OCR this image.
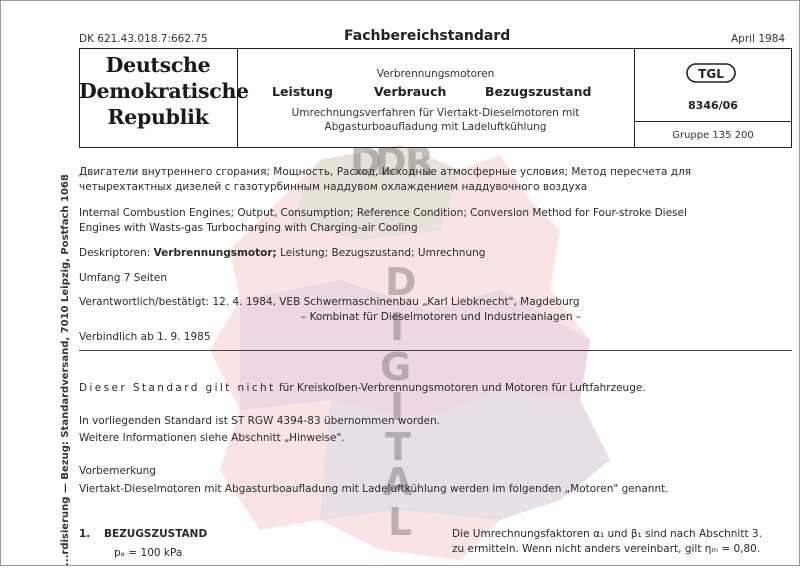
D
D
R
D
I
G
I
T
A
L
...rdisierung — Bezug: Standardversand, 7010 Leipzig, Postfach 1068
DK 621.43.018.7:662.75	Fachbereichstandard	April 1984
Deutsche
Demokratische
Republik
Verbrennungsmotoren
Leistung	Verbrauch	Bezugszustand
Umrechnungsverfahren für Viertakt-Dieselmotoren mit
Abgasturboaufladung mit Ladeluftkühlung
TGL
8346/06
Gruppe 135 200
Двигатели внутреннего сгорания; Мощность, Расход, Исходные атмосферные условия; Метод пересчета для
четырехтактных дизелей с газотурбинным наддувом охлаждением наддувочного воздуха
Internal Combustion Engines; Output, Consumption; Reference Condition; Conversion Method for Four-stroke Diesel
Engines with Wasts-gas Turbocharging with Charging-air Cooling
Deskriptoren: Verbrennungsmotor; Leistung; Bezugszustand; Umrechnung
Umfang 7 Seiten
Verantwortlich/bestätigt: 12. 4. 1984, VEB Schwermaschinenbau „Karl Liebknecht", Magdeburg
– Kombinat für Dieselmotoren und Industrieanlagen –
Verbindlich ab 1. 9. 1985
Dieser Standard gilt nicht für Kreiskolben-Verbrennungsmotoren und Motoren für Luftfahrzeuge.
In vorliegenden Standard ist ST RGW 4394-83 übernommen worden.
Weitere Informationen siehe Abschnitt „Hinweise".
Vorbemerkung
Viertakt-Dieselmotoren mit Abgasturboaufladung mit Ladeluftkühlung werden im folgenden „Motoren" genannt.
1. BEZUGSZUSTAND
pₑ = 100 kPa
Die Umrechnungsfaktoren α₁ und β₁ sind nach Abschnitt 3.
zu ermitteln. Wenn nicht anders vereinbart, gilt ηₘ = 0,80.
